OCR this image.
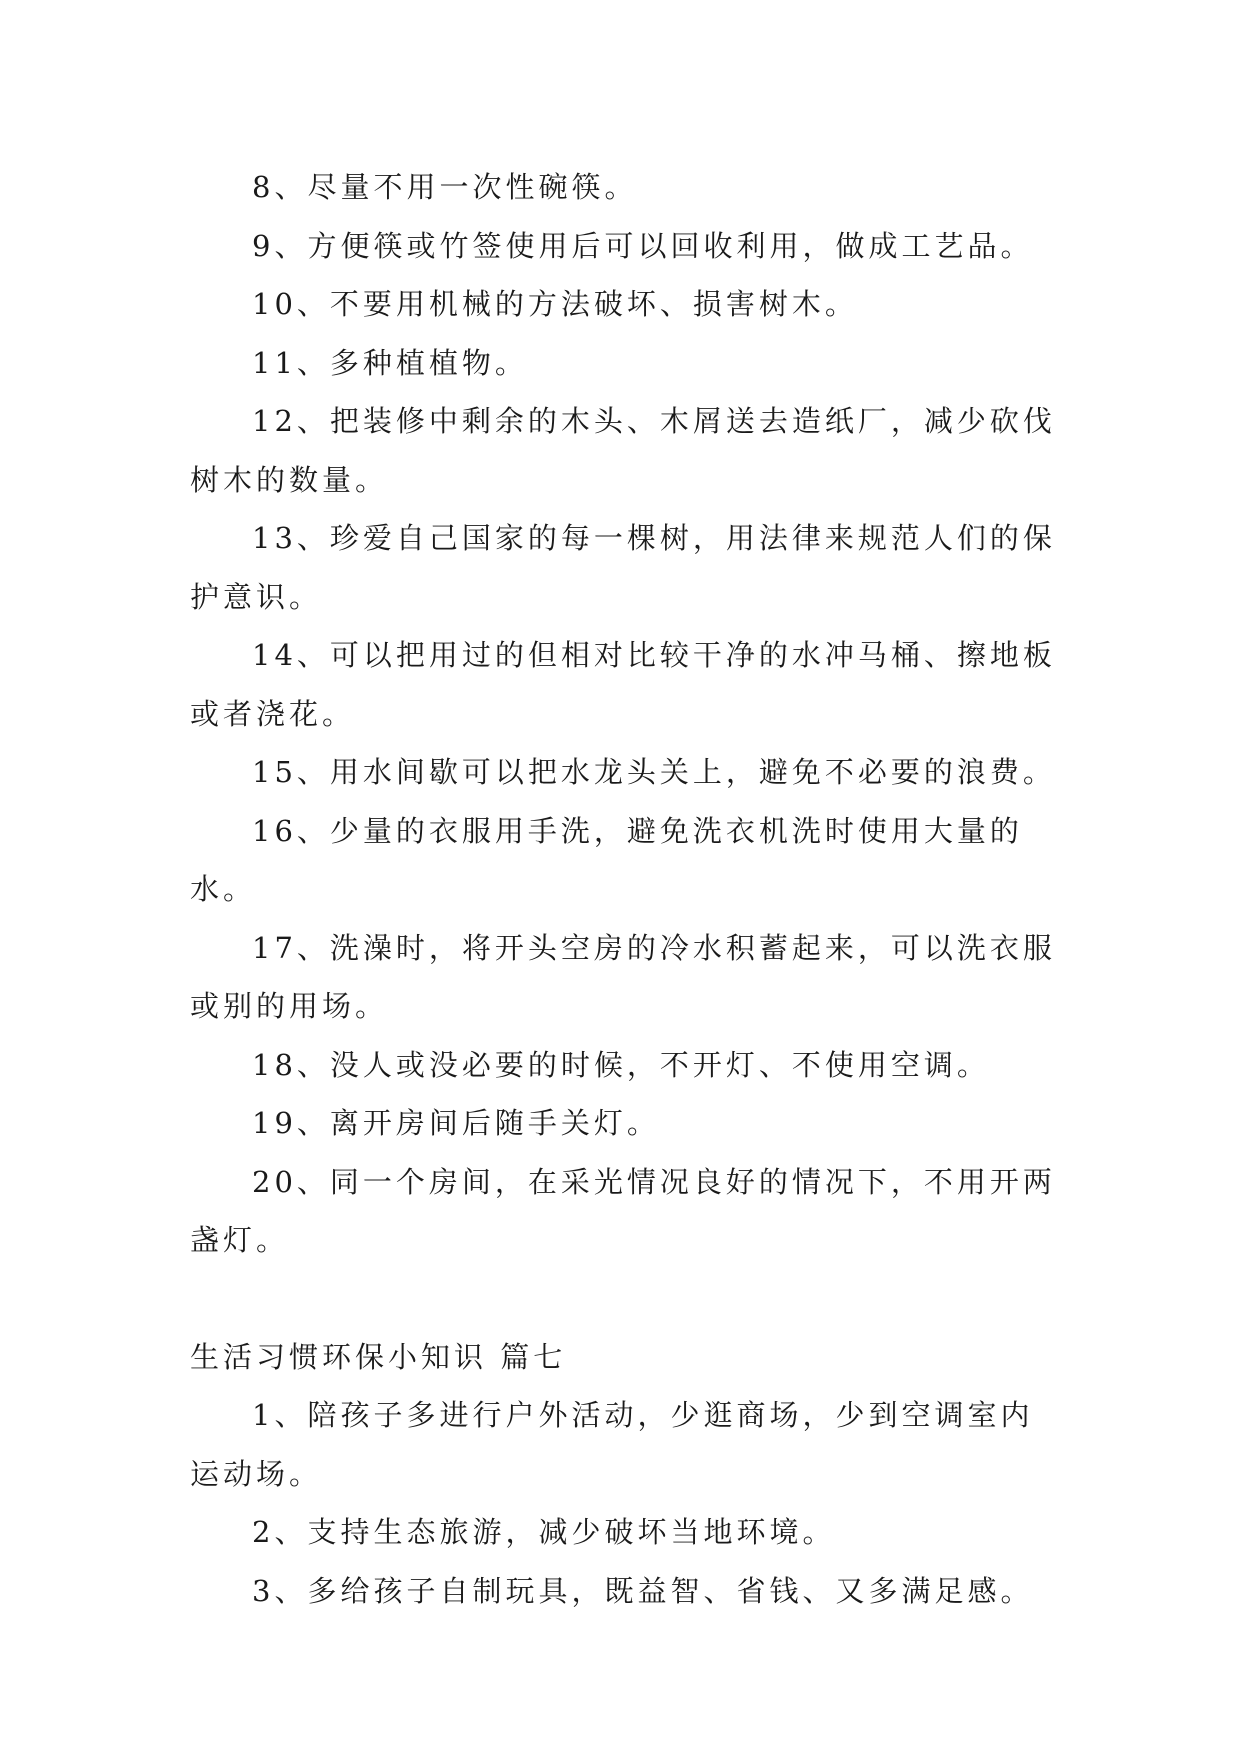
8、尽量不用一次性碗筷。

9、方便筷或竹签使用后可以回收利用，做成工艺品。

10、不要用机械的方法破坏、损害树木。

11、多种植植物。

12、把装修中剩余的木头、木屑送去造纸厂，减少砍伐树木的数量。

13、珍爱自己国家的每一棵树，用法律来规范人们的保护意识。

14、可以把用过的但相对比较干净的水冲马桶、擦地板或者浇花。

15、用水间歇可以把水龙头关上，避免不必要的浪费。

16、少量的衣服用手洗，避免洗衣机洗时使用大量的水。

17、洗澡时，将开头空房的冷水积蓄起来，可以洗衣服或别的用场。

18、没人或没必要的时候，不开灯、不使用空调。

19、离开房间后随手关灯。

20、同一个房间，在采光情况良好的情况下，不用开两盏灯。

生活习惯环保小知识 篇七

1、陪孩子多进行户外活动，少逛商场，少到空调室内运动场。

2、支持生态旅游，减少破坏当地环境。

3、多给孩子自制玩具，既益智、省钱、又多满足感。
